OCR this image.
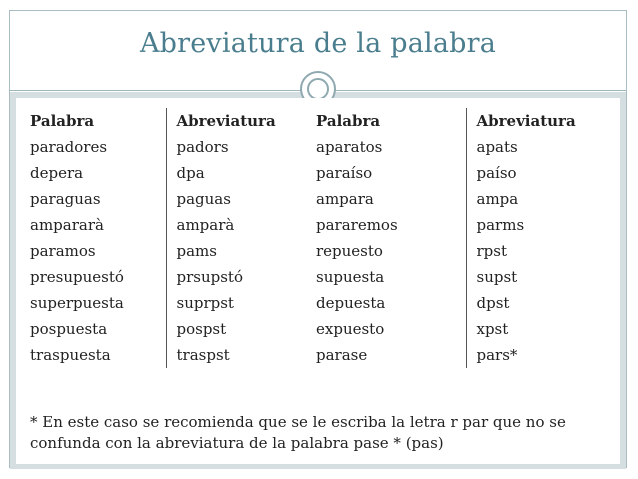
Abreviatura de la palabra
Palabra	Abreviatura	Palabra	Abreviatura
paradores	padors	aparatos	apats
depera	dpa	paraíso	paíso
paraguas	paguas	ampara	ampa
ampararà	amparà	pararemos	parms
paramos	pams	repuesto	rpst
presupuestó	prsupstó	supuesta	supst
superpuesta	suprpst	depuesta	dpst
pospuesta	pospst	expuesto	xpst
traspuesta	traspst	parase	pars*
* En este caso se recomienda que se le escriba la letra r par que no se confunda con la abreviatura de la palabra pase * (pas)
